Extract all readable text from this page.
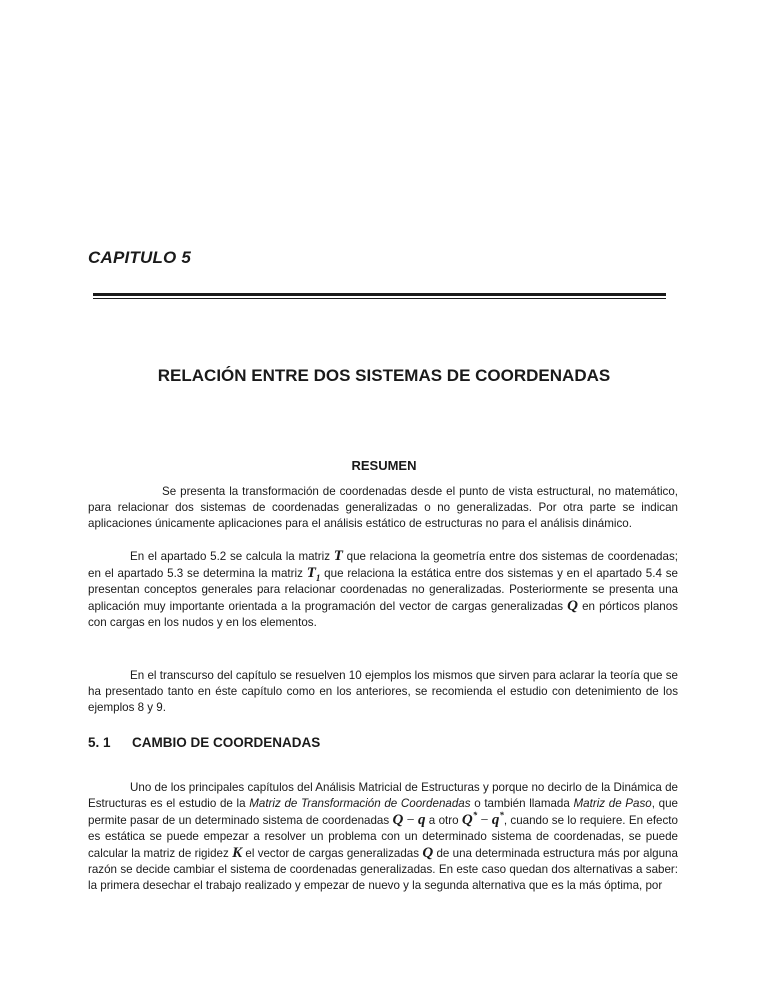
CAPITULO 5
RELACIÓN ENTRE DOS SISTEMAS DE COORDENADAS
RESUMEN

Se presenta la transformación de coordenadas desde el punto de vista estructural, no matemático, para relacionar dos sistemas de coordenadas generalizadas o no generalizadas. Por otra parte se indican aplicaciones únicamente aplicaciones para el análisis estático de estructuras no para el análisis dinámico.

En el apartado 5.2 se calcula la matriz T que relaciona la geometría entre dos sistemas de coordenadas; en el apartado 5.3 se determina la matriz $T_1$ que relaciona la estática entre dos sistemas y en el apartado 5.4 se presentan conceptos generales para relacionar coordenadas no generalizadas. Posteriormente se presenta una aplicación muy importante orientada a la programación del vector de cargas generalizadas Q en pórticos planos con cargas en los nudos y en los elementos.

En el transcurso del capítulo se resuelven 10 ejemplos los mismos que sirven para aclarar la teoría que se ha presentado tanto en éste capítulo como en los anteriores, se recomienda el estudio con detenimiento de los ejemplos 8 y 9.

5. 1 CAMBIO DE COORDENADAS

Uno de los principales capítulos del Análisis Matricial de Estructuras y porque no decirlo de la Dinámica de Estructuras es el estudio de la Matriz de Transformación de Coordenadas o también llamada Matriz de Paso, que permite pasar de un determinado sistema de coordenadas Q − q a otro Q* − q*, cuando se lo requiere. En efecto es estática se puede empezar a resolver un problema con un determinado sistema de coordenadas, se puede calcular la matriz de rigidez K el vector de cargas generalizadas Q de una determinada estructura más por alguna razón se decide cambiar el sistema de coordenadas generalizadas. En este caso quedan dos alternativas a saber: la primera desechar el trabajo realizado y empezar de nuevo y la segunda alternativa que es la más óptima, por
